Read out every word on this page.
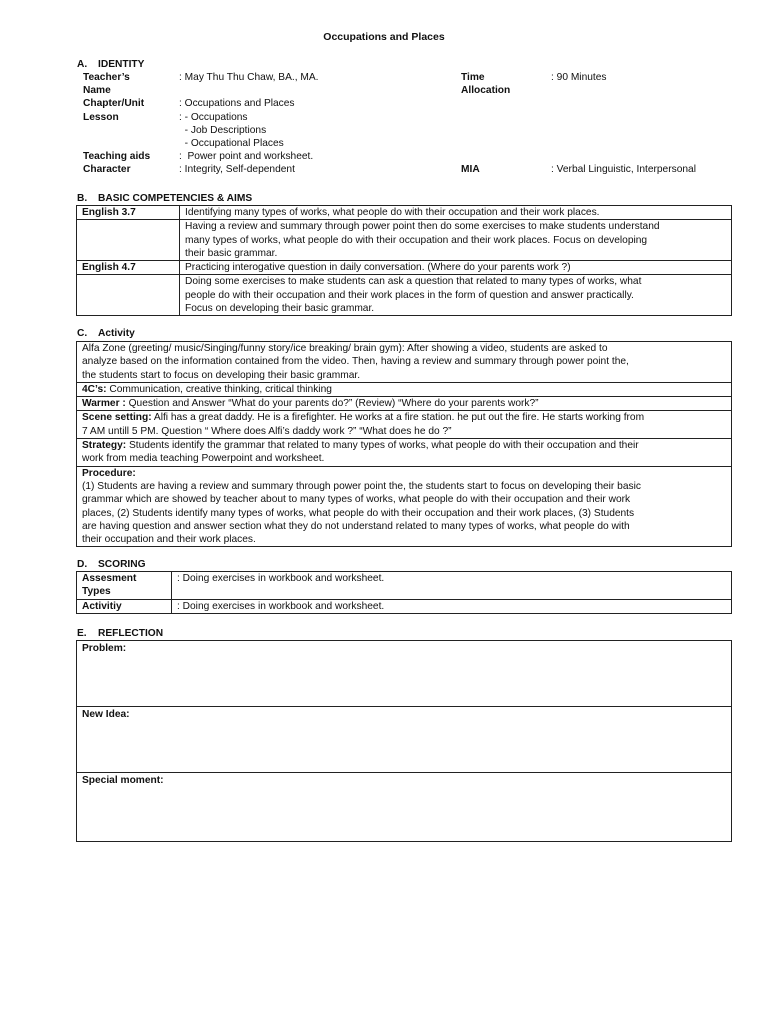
Occupations and Places
A. IDENTITY
Teacher’s	: May Thu Thu Chaw, BA., MA.	Time	: 90 Minutes
Name	Allocation
Chapter/Unit	: Occupations and Places
Lesson	: - Occupations
- Job Descriptions
- Occupational Places
Teaching aids	:  Power point and worksheet.
Character	: Integrity, Self-dependent	MIA	: Verbal Linguistic, Interpersonal
B. BASIC COMPETENCIES & AIMS
English 3.7	Identifying many types of works, what people do with their occupation and their work places.

	Having a review and summary through power point then do some exercises to make students understand
many types of works, what people do with their occupation and their work places. Focus on developing
their basic grammar.

English 4.7	Practicing interogative question in daily conversation. (Where do your parents work ?)

	Doing some exercises to make students can ask a question that related to many types of works, what
people do with their occupation and their work places in the form of question and answer practically.
Focus on developing their basic grammar.
C. Activity
Alfa Zone (greeting/ music/Singing/funny story/ice breaking/ brain gym): After showing a video, students are asked to
analyze based on the information contained from the video. Then, having a review and summary through power point the,
the students start to focus on developing their basic grammar.

4C’s: Communication, creative thinking, critical thinking
Warmer : Question and Answer “What do your parents do?” (Review) “Where do your parents work?”

Scene setting: Alfi has a great daddy. He is a firefighter. He works at a fire station. he put out the fire. He starts working from
7 AM untill 5 PM. Question “ Where does Alfi’s daddy work ?” “What does he do ?”

Strategy: Students identify the grammar that related to many types of works, what people do with their occupation and their
work from media teaching Powerpoint and worksheet.

Procedure:
(1) Students are having a review and summary through power point the, the students start to focus on developing their basic
grammar which are showed by teacher about to many types of works, what people do with their occupation and their work
places, (2) Students identify many types of works, what people do with their occupation and their work places, (3) Students
are having question and answer section what they do not understand related to many types of works, what people do with
their occupation and their work places.
D. SCORING
Assesment
Types	: Doing exercises in workbook and worksheet.
Activitiy	: Doing exercises in workbook and worksheet.
E. REFLECTION
Problem:
New Idea:
Special moment:
